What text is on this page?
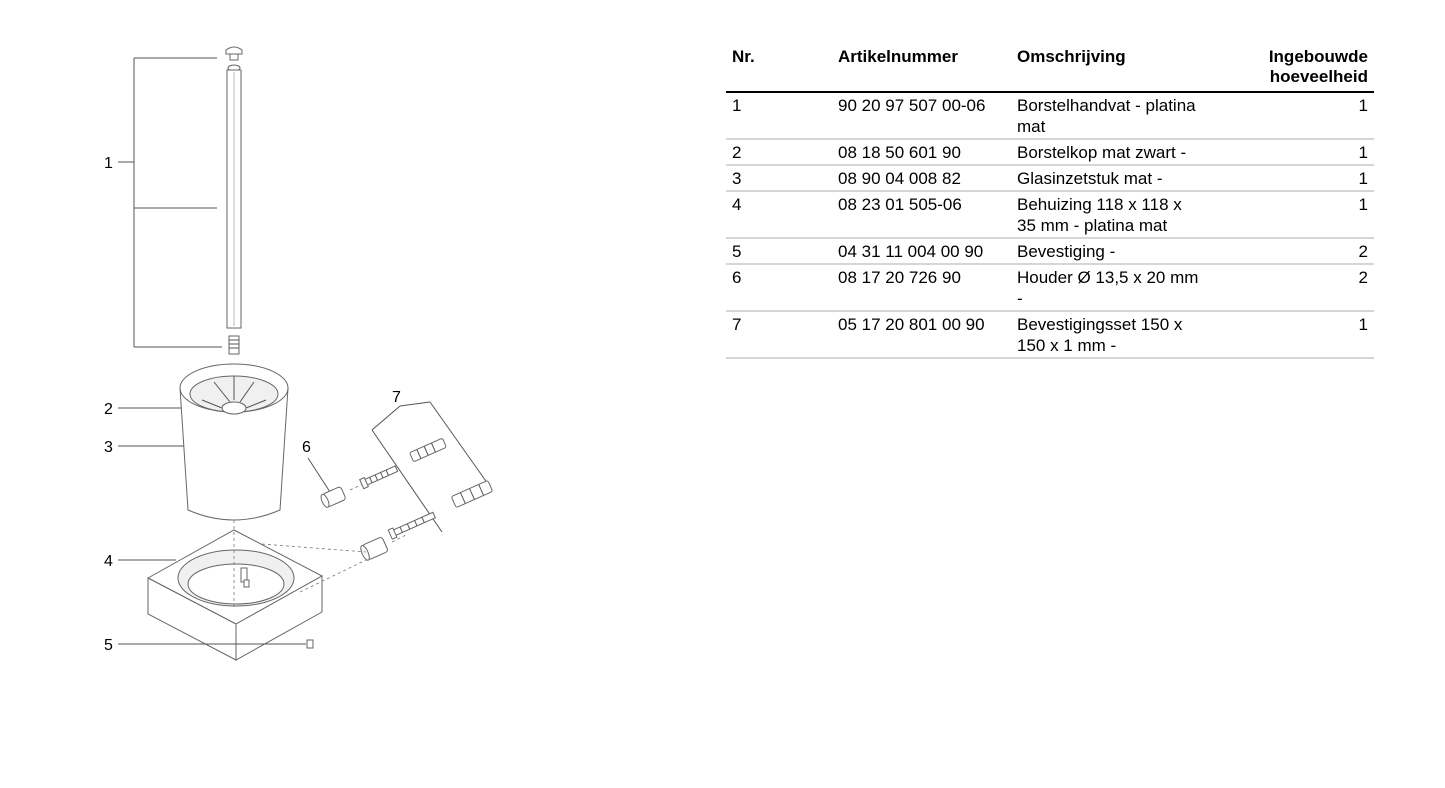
1
2
3
4
5
6
7
Nr.	Artikelnummer	Omschrijving	Ingebouwde
hoeveelheid
1	90 20 97 507 00-06	Borstelhandvat - platina
mat	1
2	08 18 50 601 90	Borstelkop mat zwart -	1
3	08 90 04 008 82	Glasinzetstuk mat -	1
4	08 23 01 505-06	Behuizing 118 x 118 x
35 mm - platina mat	1
5	04 31 11 004 00 90	Bevestiging -	2
6	08 17 20 726 90	Houder Ø 13,5 x 20 mm
-	2
7	05 17 20 801 00 90	Bevestigingsset 150 x
150 x 1 mm -	1
